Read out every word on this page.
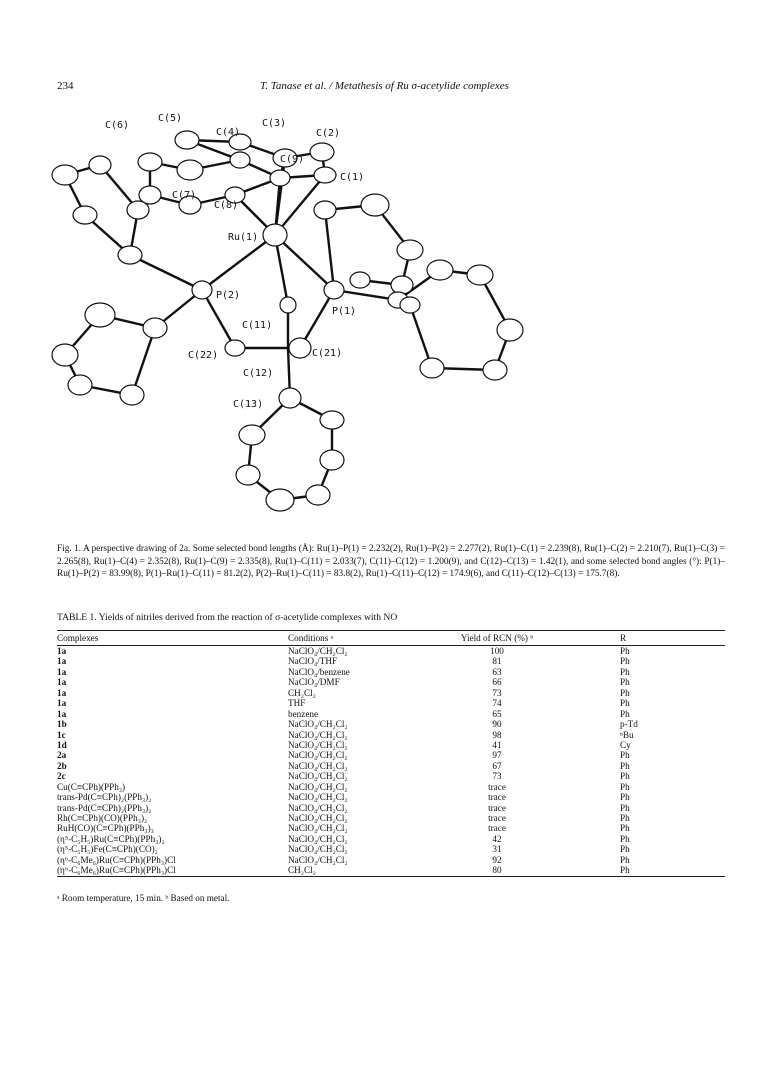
234	T. Tanase et al. / Metathesis of Ru σ-acetylide complexes
C(6)
C(5)
C(4)
C(3)
C(2)
C(9)
C(1)
C(7)
C(8)
Ru(1)
P(2)
P(1)
C(11)
C(22)	C(21)
C(12)
C(13)
Fig. 1. A perspective drawing of 2a. Some selected bond lengths (Å): Ru(1)–P(1) = 2.232(2), Ru(1)–P(2) = 2.277(2), Ru(1)–C(1) = 2.239(8), Ru(1)–C(2) = 2.210(7), Ru(1)–C(3) = 2.265(8), Ru(1)–C(4) = 2.352(8), Ru(1)–C(9) = 2.335(8), Ru(1)–C(11) = 2.033(7), C(11)–C(12) = 1.200(9), and C(12)–C(13) = 1.42(1), and some selected bond angles (°): P(1)–Ru(1)–P(2) = 83.99(8), P(1)–Ru(1)–C(11) = 81.2(2), P(2)–Ru(1)–C(11) = 83.8(2), Ru(1)–C(11)–C(12) = 174.9(6), and C(11)–C(12)–C(13) = 175.7(8).
TABLE 1. Yields of nitriles derived from the reaction of σ-acetylide complexes with NO
Complexes	Conditions ᵃ	Yield of RCN (%) ᵇ	R
1a	NaClO₄/CH₂Cl₂	100	Ph
1a	NaClO₄/THF	81	Ph
1a	NaClO₄/benzene	63	Ph
1a	NaClO₄/DMF	66	Ph
1a	CH₂Cl₂	73	Ph
1a	THF	74	Ph
1a	benzene	65	Ph
1b	NaClO₄/CH₂Cl₂	90	p-Td
1c	NaClO₄/CH₂Cl₂	98	ⁿBu
1d	NaClO₄/CH₂Cl₂	41	Cy
2a	NaClO₄/CH₂Cl₂	97	Ph
2b	NaClO₄/CH₂Cl₂	67	Ph
2c	NaClO₄/CH₂Cl₂	73	Ph
Cu(C≡CPh)(PPh₃)	NaClO₄/CH₂Cl₂	trace	Ph
trans-Pd(C≡CPh)₂(PPh₃)₂	NaClO₄/CH₂Cl₂	trace	Ph
trans-Pd(C≡CPh)₂(PPh₃)₂	NaClO₄/CH₂Cl₂	trace	Ph
Rh(C≡CPh)(CO)(PPh₃)₂	NaClO₄/CH₂Cl₂	trace	Ph
RuH(CO)(C≡CPh)(PPh₃)₃	NaClO₄/CH₂Cl₂	trace	Ph
(η⁵-C₅H₅)Ru(C≡CPh)(PPh₃)₂	NaClO₄/CH₂Cl₂	42	Ph
(η⁵-C₅H₅)Fe(C≡CPh)(CO)₂	NaClO₄/CH₂Cl₂	31	Ph
(η⁶-C₆Me₆)Ru(C≡CPh)(PPh₃)Cl	NaClO₄/CH₂Cl₂	92	Ph
(η⁶-C₆Me₆)Ru(C≡CPh)(PPh₃)Cl	CH₂Cl₂	80	Ph
ᵃ Room temperature, 15 min. ᵇ Based on metal.
